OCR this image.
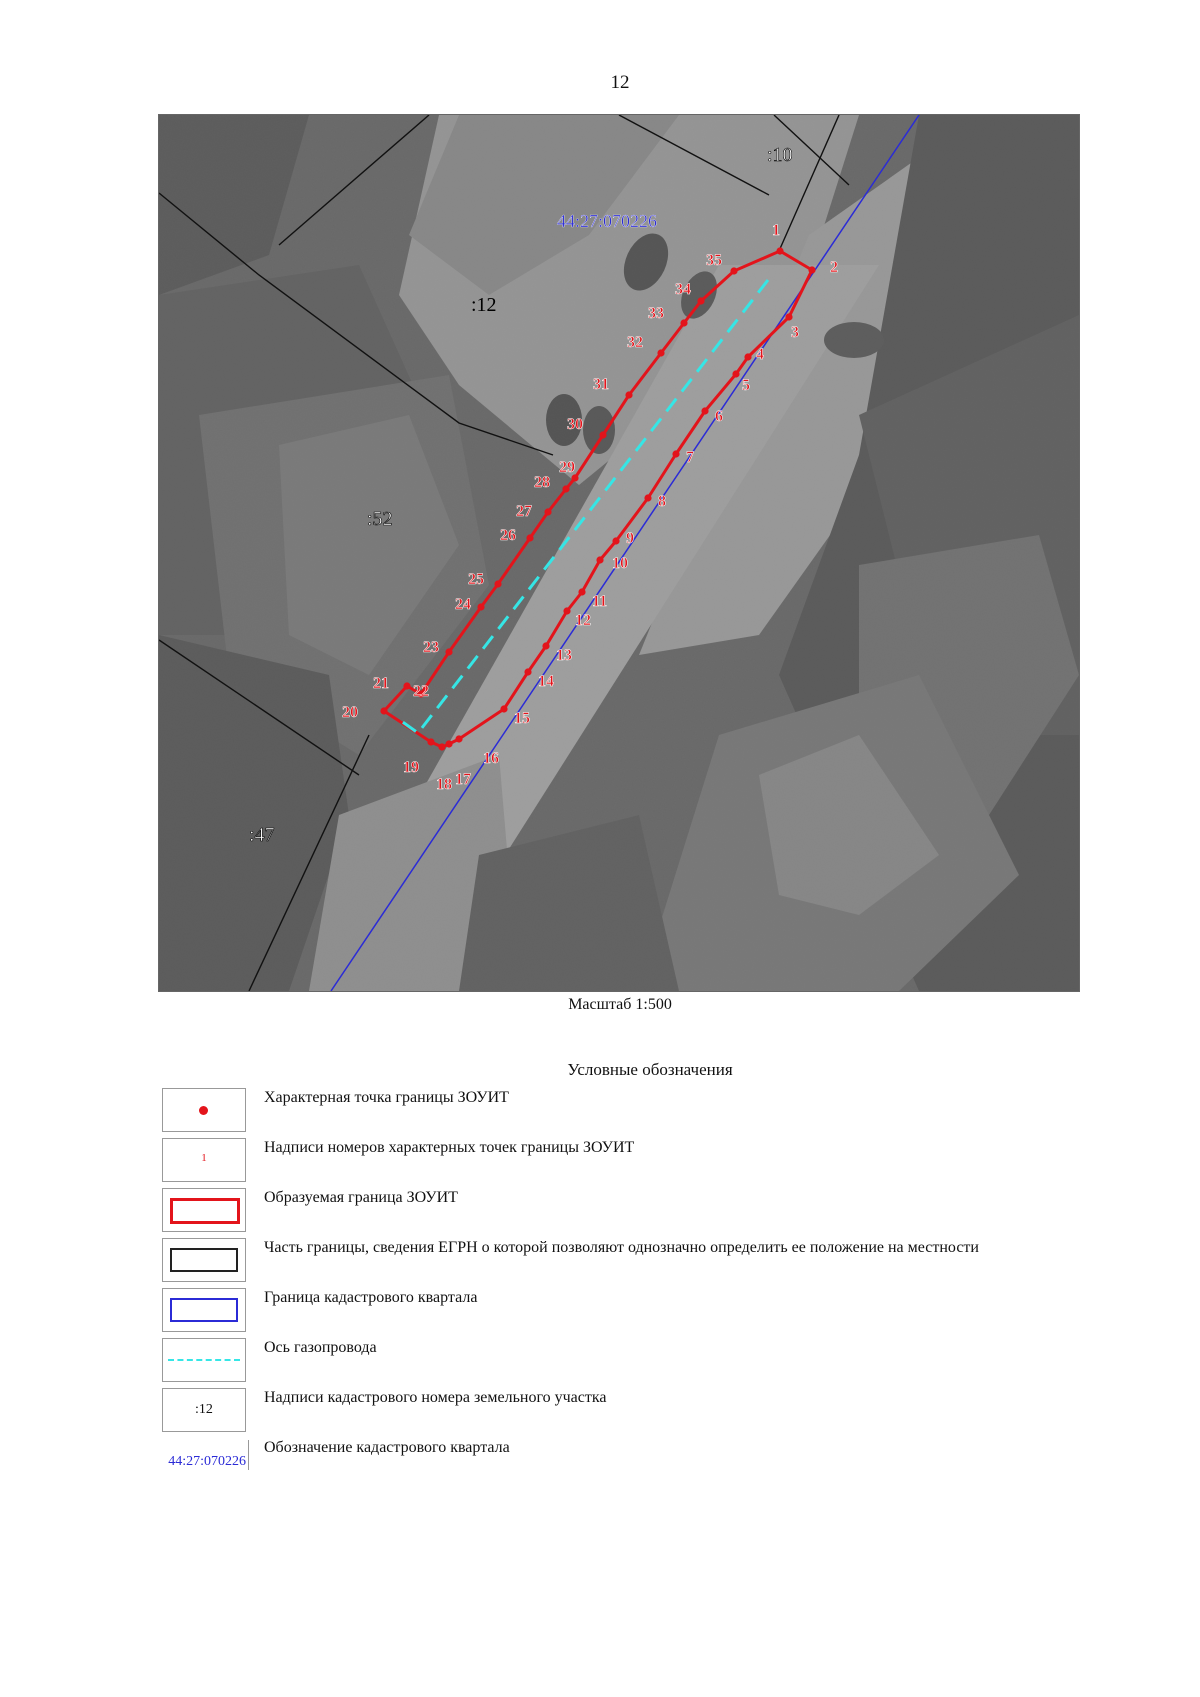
12
1
2
3
4
5
6
7
8
9
10
11
12
13
14
15
16
17
18
19
20
21 22
23
24
25
26
27
28
29
30
31
32
33
34
35
:10
:12
:52
:47
44:27:070226
Масштаб 1:500
Условные обозначения
Характерная точка границы ЗОУИТ
1
Надписи номеров характерных точек границы ЗОУИТ
Образуемая граница ЗОУИТ
Часть границы, сведения ЕГРН о которой позволяют однозначно определить ее положение на местности
Граница кадастрового квартала
Ось газопровода
:12
Надписи кадастрового номера земельного участка
44:27:070226
Обозначение кадастрового квартала
